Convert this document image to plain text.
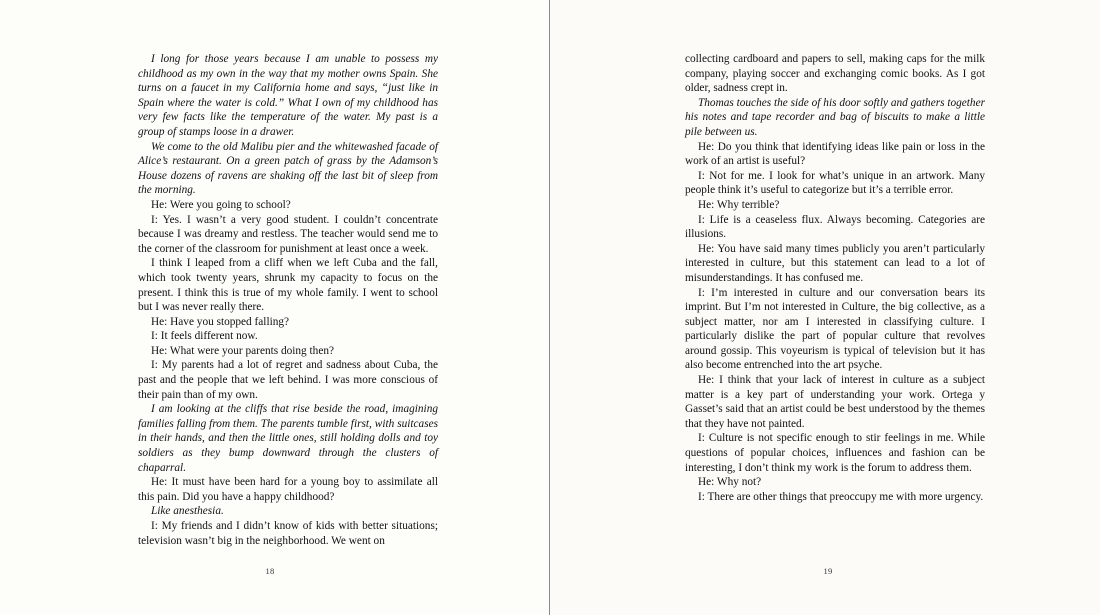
I long for those years because I am unable to possess my childhood as my own in the way that my mother owns Spain. She turns on a faucet in my California home and says, “just like in Spain where the water is cold.” What I own of my childhood has very few facts like the temperature of the water. My past is a group of stamps loose in a drawer.

We come to the old Malibu pier and the whitewashed facade of Alice’s restaurant. On a green patch of grass by the Adamson’s House dozens of ravens are shaking off the last bit of sleep from the morning.

He: Were you going to school?

I: Yes. I wasn’t a very good student. I couldn’t concentrate because I was dreamy and restless. The teacher would send me to the corner of the classroom for punishment at least once a week.

I think I leaped from a cliff when we left Cuba and the fall, which took twenty years, shrunk my capacity to focus on the present. I think this is true of my whole family. I went to school but I was never really there.

He: Have you stopped falling?

I: It feels different now.

He: What were your parents doing then?

I: My parents had a lot of regret and sadness about Cuba, the past and the people that we left behind. I was more conscious of their pain than of my own.

I am looking at the cliffs that rise beside the road, imagining families falling from them. The parents tumble first, with suitcases in their hands, and then the little ones, still holding dolls and toy soldiers as they bump downward through the clusters of chaparral.

He: It must have been hard for a young boy to assimilate all this pain. Did you have a happy childhood?

Like anesthesia.

I: My friends and I didn’t know of kids with better situations; television wasn’t big in the neighborhood. We went on

18

collecting cardboard and papers to sell, making caps for the milk company, playing soccer and exchanging comic books. As I got older, sadness crept in.

Thomas touches the side of his door softly and gathers together his notes and tape recorder and bag of biscuits to make a little pile between us.

He: Do you think that identifying ideas like pain or loss in the work of an artist is useful?

I: Not for me. I look for what’s unique in an artwork. Many people think it’s useful to categorize but it’s a terrible error.

He: Why terrible?

I: Life is a ceaseless flux. Always becoming. Categories are illusions.

He: You have said many times publicly you aren’t particularly interested in culture, but this statement can lead to a lot of misunderstandings. It has confused me.

I: I’m interested in culture and our conversation bears its imprint. But I’m not interested in Culture, the big collective, as a subject matter, nor am I interested in classifying culture. I particularly dislike the part of popular culture that revolves around gossip. This voyeurism is typical of television but it has also become entrenched into the art psyche.

He: I think that your lack of interest in culture as a subject matter is a key part of understanding your work. Ortega y Gasset’s said that an artist could be best understood by the themes that they have not painted.

I: Culture is not specific enough to stir feelings in me. While questions of popular choices, influences and fashion can be interesting, I don’t think my work is the forum to address them.

He: Why not?

I: There are other things that preoccupy me with more urgency.

19
